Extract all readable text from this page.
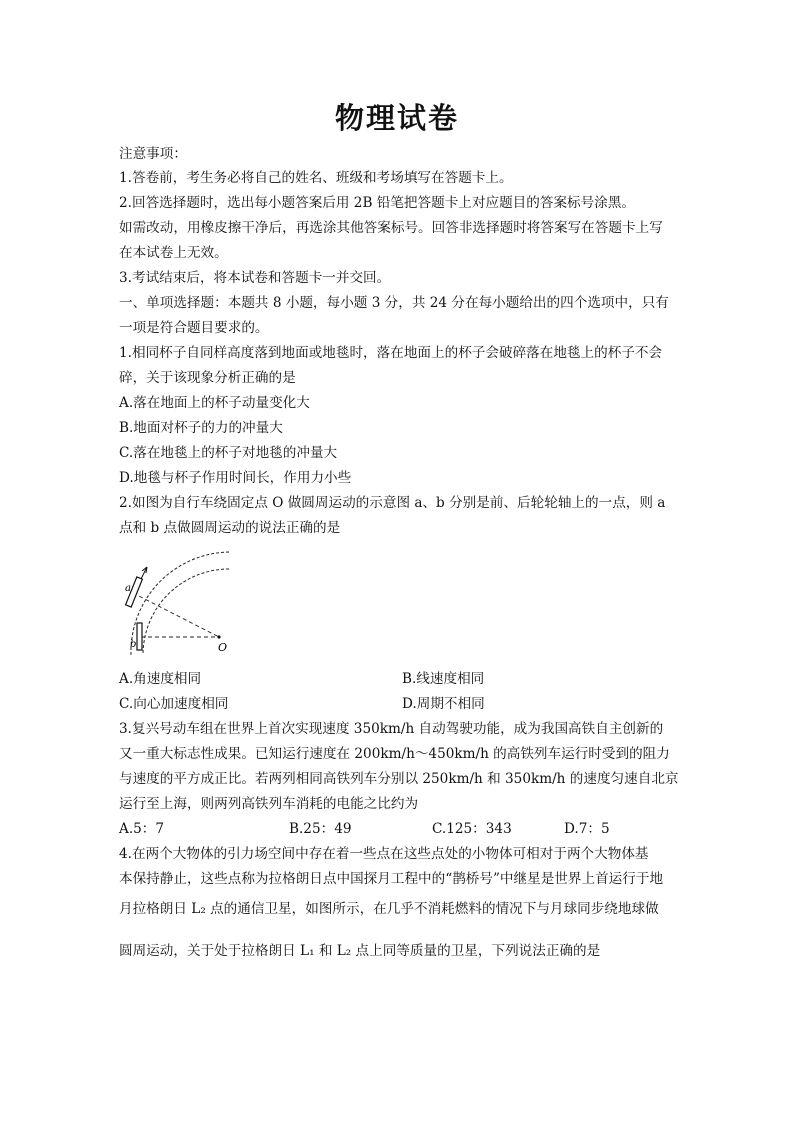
物理试卷
注意事项：
1.答卷前，考生务必将自己的姓名、班级和考场填写在答题卡上。
2.回答选择题时，选出每小题答案后用 2B 铅笔把答题卡上对应题目的答案标号涂黑。
如需改动，用橡皮擦干净后，再选涂其他答案标号。回答非选择题时将答案写在答题卡上写
在本试卷上无效。
3.考试结束后，将本试卷和答题卡一并交回。
一、单项选择题：本题共 8 小题，每小题 3 分，共 24 分在每小题给出的四个选项中，只有
一项是符合题目要求的。
1.相同杯子自同样高度落到地面或地毯时，落在地面上的杯子会破碎落在地毯上的杯子不会
碎，关于该现象分析正确的是
A.落在地面上的杯子动量变化大
B.地面对杯子的力的冲量大
C.落在地毯上的杯子对地毯的冲量大
D.地毯与杯子作用时间长，作用力小些
2.如图为自行车绕固定点 O 做圆周运动的示意图 a、b 分别是前、后轮轮轴上的一点，则 a
点和 b 点做圆周运动的说法正确的是
a
b	O
A.角速度相同	B.线速度相同
C.向心加速度相同	D.周期不相同
3.复兴号动车组在世界上首次实现速度 350km/h 自动驾驶功能，成为我国高铁自主创新的
又一重大标志性成果。已知运行速度在 200km/h～450km/h 的高铁列车运行时受到的阻力
与速度的平方成正比。若两列相同高铁列车分别以 250km/h 和 350km/h 的速度匀速自北京
运行至上海，则两列高铁列车消耗的电能之比约为
A.5：7	B.25：49	C.125：343	D.7：5
4.在两个大物体的引力场空间中存在着一些点在这些点处的小物体可相对于两个大物体基
本保持静止，这些点称为拉格朗日点中国探月工程中的“鹊桥号”中继星是世界上首运行于地
月拉格朗日 L₂ 点的通信卫星，如图所示，在几乎不消耗燃料的情况下与月球同步绕地球做
圆周运动，关于处于拉格朗日 L₁ 和 L₂ 点上同等质量的卫星，下列说法正确的是
